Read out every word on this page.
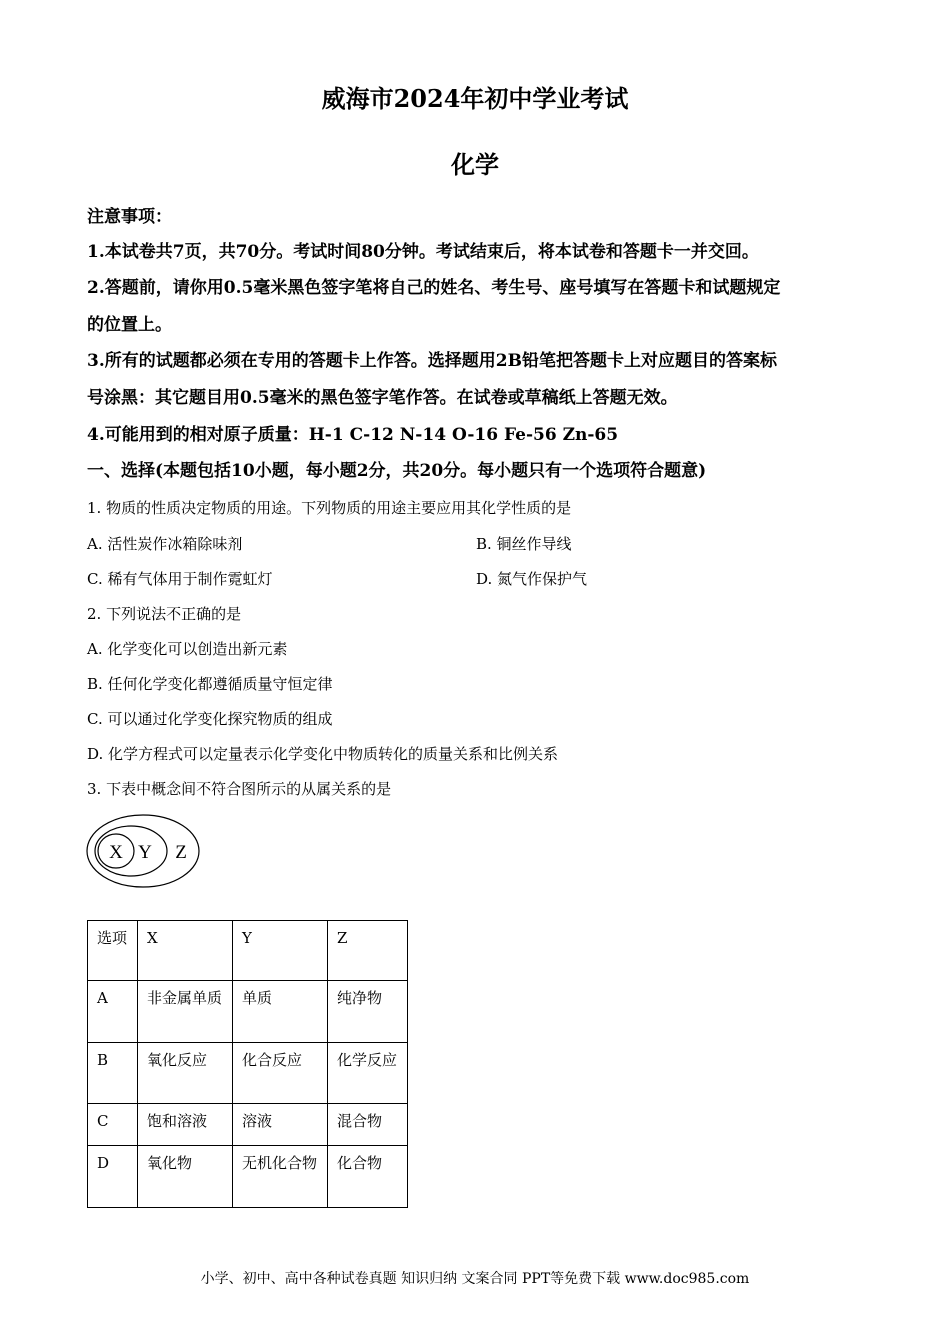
威海市2024年初中学业考试
化学
注意事项：
1.本试卷共7页，共70分。考试时间80分钟。考试结束后，将本试卷和答题卡一并交回。
2.答题前，请你用0.5毫米黑色签字笔将自己的姓名、考生号、座号填写在答题卡和试题规定
的位置上。
3.所有的试题都必须在专用的答题卡上作答。选择题用2B铅笔把答题卡上对应题目的答案标
号涂黑：其它题目用0.5毫米的黑色签字笔作答。在试卷或草稿纸上答题无效。
4.可能用到的相对原子质量：H-1 C-12 N-14 O-16 Fe-56 Zn-65
一、选择(本题包括10小题，每小题2分，共20分。每小题只有一个选项符合题意)
1. 物质的性质决定物质的用途。下列物质的用途主要应用其化学性质的是
A. 活性炭作冰箱除味剂	B. 铜丝作导线
C. 稀有气体用于制作霓虹灯	D. 氮气作保护气
2. 下列说法不正确的是
A. 化学变化可以创造出新元素
B. 任何化学变化都遵循质量守恒定律
C. 可以通过化学变化探究物质的组成
D. 化学方程式可以定量表示化学变化中物质转化的质量关系和比例关系
3. 下表中概念间不符合图所示的从属关系的是
X Y Z
选项	X	Y	Z
A	非金属单质	单质	纯净物
B	氧化反应	化合反应	化学反应
C	饱和溶液	溶液	混合物
D	氧化物	无机化合物	化合物
小学、初中、高中各种试卷真题 知识归纳 文案合同 PPT等免费下载 www.doc985.com
